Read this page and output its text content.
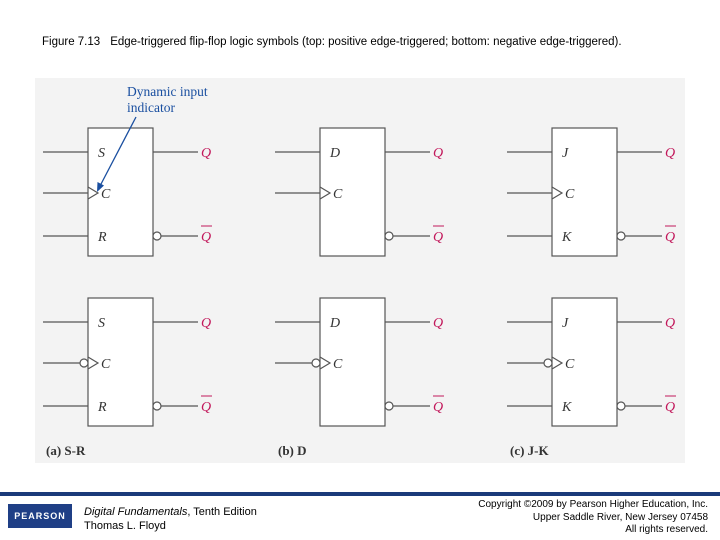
Figure 7.13 Edge-triggered flip-flop logic symbols (top: positive edge-triggered; bottom: negative edge-triggered).
S
C
R
Q
Q
S
C
R
Q
Q
(a) S-R
D
C
Q
Q
D
C
Q
Q
(b) D
J
C
K
Q
Q
J
C
K
Q
Q
(c) J-K
Dynamic input
indicator
PEARSON	Digital Fundamentals, Tenth Edition
Thomas L. Floyd
Copyright ©2009 by Pearson Higher Education, Inc.
Upper Saddle River, New Jersey 07458
All rights reserved.
